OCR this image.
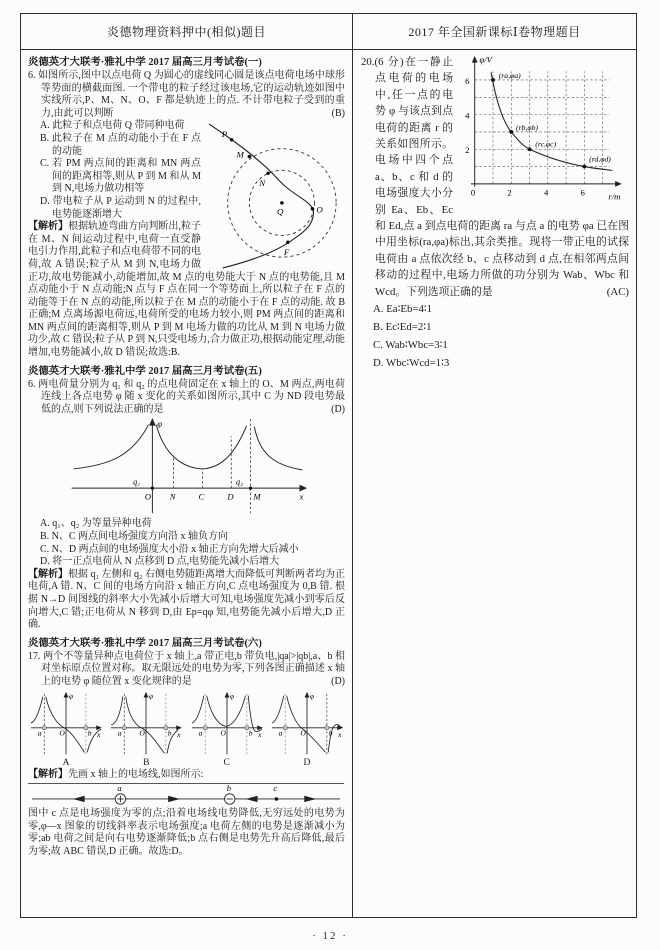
炎德物理资料押中(相似)题目	2017 年全国新课标Ⅰ卷物理题目

炎德英才大联考·雅礼中学 2017 届高三月考试卷(一)

6. 如图所示,图中以点电荷 Q 为圆心的虚线同心圆是该点电荷电场中球形等势面的横截面图. 一个带电的粒子经过该电场,它的运动轨迹如图中实线所示,P、M、N、O、F 都是轨迹上的点. 不计带电粒子受到的重力,由此可以判断	(B)

P
M
N
O
F
Q

A. 此粒子和点电荷 Q 带同种电荷

B. 此粒子在 M 点的动能小于在 F 点的动能

C. 若 PM 两点间的距离和 MN 两点间的距离相等,则从 P 到 M 和从 M 到 N,电场力做功相等

D. 带电粒子从 P 运动到 N 的过程中,电势能逐渐增大

【解析】根据轨迹弯曲方向判断出,粒子在 M、N 间运动过程中,电荷一直受静电引力作用,此粒子和点电荷带不同的电荷,故 A 错误;粒子从 M 到 N,电场力做正功,故电势能减小,动能增加,故 M 点的电势能大于 N 点的电势能,且 M 点动能小于 N 点动能;N 点与 F 点在同一个等势面上,所以粒子在 F 点的动能等于在 N 点的动能,所以粒子在 M 点的动能小于在 F 点的动能. 故 B 正确;M 点离场源电荷远,电荷所受的电场力较小,则 PM 两点间的距离和 MN 两点间的距离相等,则从 P 到 M 电场力做的功比从 M 到 N 电场力做功少,故 C 错误;粒子从 P 到 N,只受电场力,合力做正功,根据动能定理,动能增加,电势能减小,故 D 错误;故选:B.

炎德英才大联考·雅礼中学 2017 届高三月考试卷(五)

6. 两电荷量分别为 q₁ 和 q₂ 的点电荷固定在 x 轴上的 O、M 两点,两电荷连线上各点电势 φ 随 x 变化的关系如图所示,其中 C 为 ND 段电势最低的点,则下列说法正确的是	(D)

φ
x
O N	C	D M
q₁	q₂

A. q₁、q₂ 为等量异种电荷

B. N、C 两点间电场强度方向沿 x 轴负方向

C. N、D 两点间的电场强度大小沿 x 轴正方向先增大后减小

D. 将一正点电荷从 N 点移到 D 点,电势能先减小后增大

【解析】根据 q₁ 左侧和 q₂ 右侧电势随距离增大而降低可判断两者均为正电荷,A 错. N、C 间的电场方向沿 x 轴正方向,C 点电场强度为 0,B 错. 根据 N→D 间图线的斜率大小先减小后增大可知,电场强度先减小到零后反向增大,C 错;正电荷从 N 移到 D,由 Ep=qφ 知,电势能先减小后增大,D 正确.

炎德英才大联考·雅礼中学 2017 届高三月考试卷(六)

17. 两个不等量异种点电荷位于 x 轴上,a 带正电,b 带负电,|qa|>|qb|,a、b 相对坐标原点位置对称。取无限远处的电势为零,下列各图正确描述 x 轴上的电势 φ 随位置 x 变化规律的是	(D)

φ
x
a O	b
A
φ
x
a O	b
B
φ
x
a O	b
C
φ
x
a O	b
D

【解析】先画 x 轴上的电场线,如图所示:

a	b	c

图中 c 点是电场强度为零的点;沿着电场线电势降低,无穷远处的电势为零,φ—x 图象的切线斜率表示电场强度;a 电荷左侧的电势是逐渐减小为零;ab 电荷之间是向右电势逐渐降低;b 点右侧是电势先升高后降低,最后为零;故 ABC 错误,D 正确。故选:D。

φ/V
r/m
6
4
2
0	2	4	6
(ra,φa)
(rb,φb)
(rc,φc)
(rd,φd)

20.(6 分)在一静止点电荷的电场中,任一点的电势 φ 与该点到点电荷的距离 r 的关系如图所示。电场中四个点 a、b、c 和 d 的电场强度大小分别 Ea、Eb、Ec 和 Ed,点 a 到点电荷的距离 ra 与点 a 的电势 φa 已在图中用坐标(ra,φa)标出,其余类推。现将一带正电的试探电荷由 a 点依次经 b、c 点移动到 d 点,在相邻两点间移动的过程中,电场力所做的功分别为 Wab、Wbc 和 Wcd。下列选项正确的是	(AC)

A. Ea∶Eb=4∶1

B. Ec∶Ed=2∶1

C. Wab∶Wbc=3∶1

D. Wbc∶Wcd=1∶3

· 12 ·
